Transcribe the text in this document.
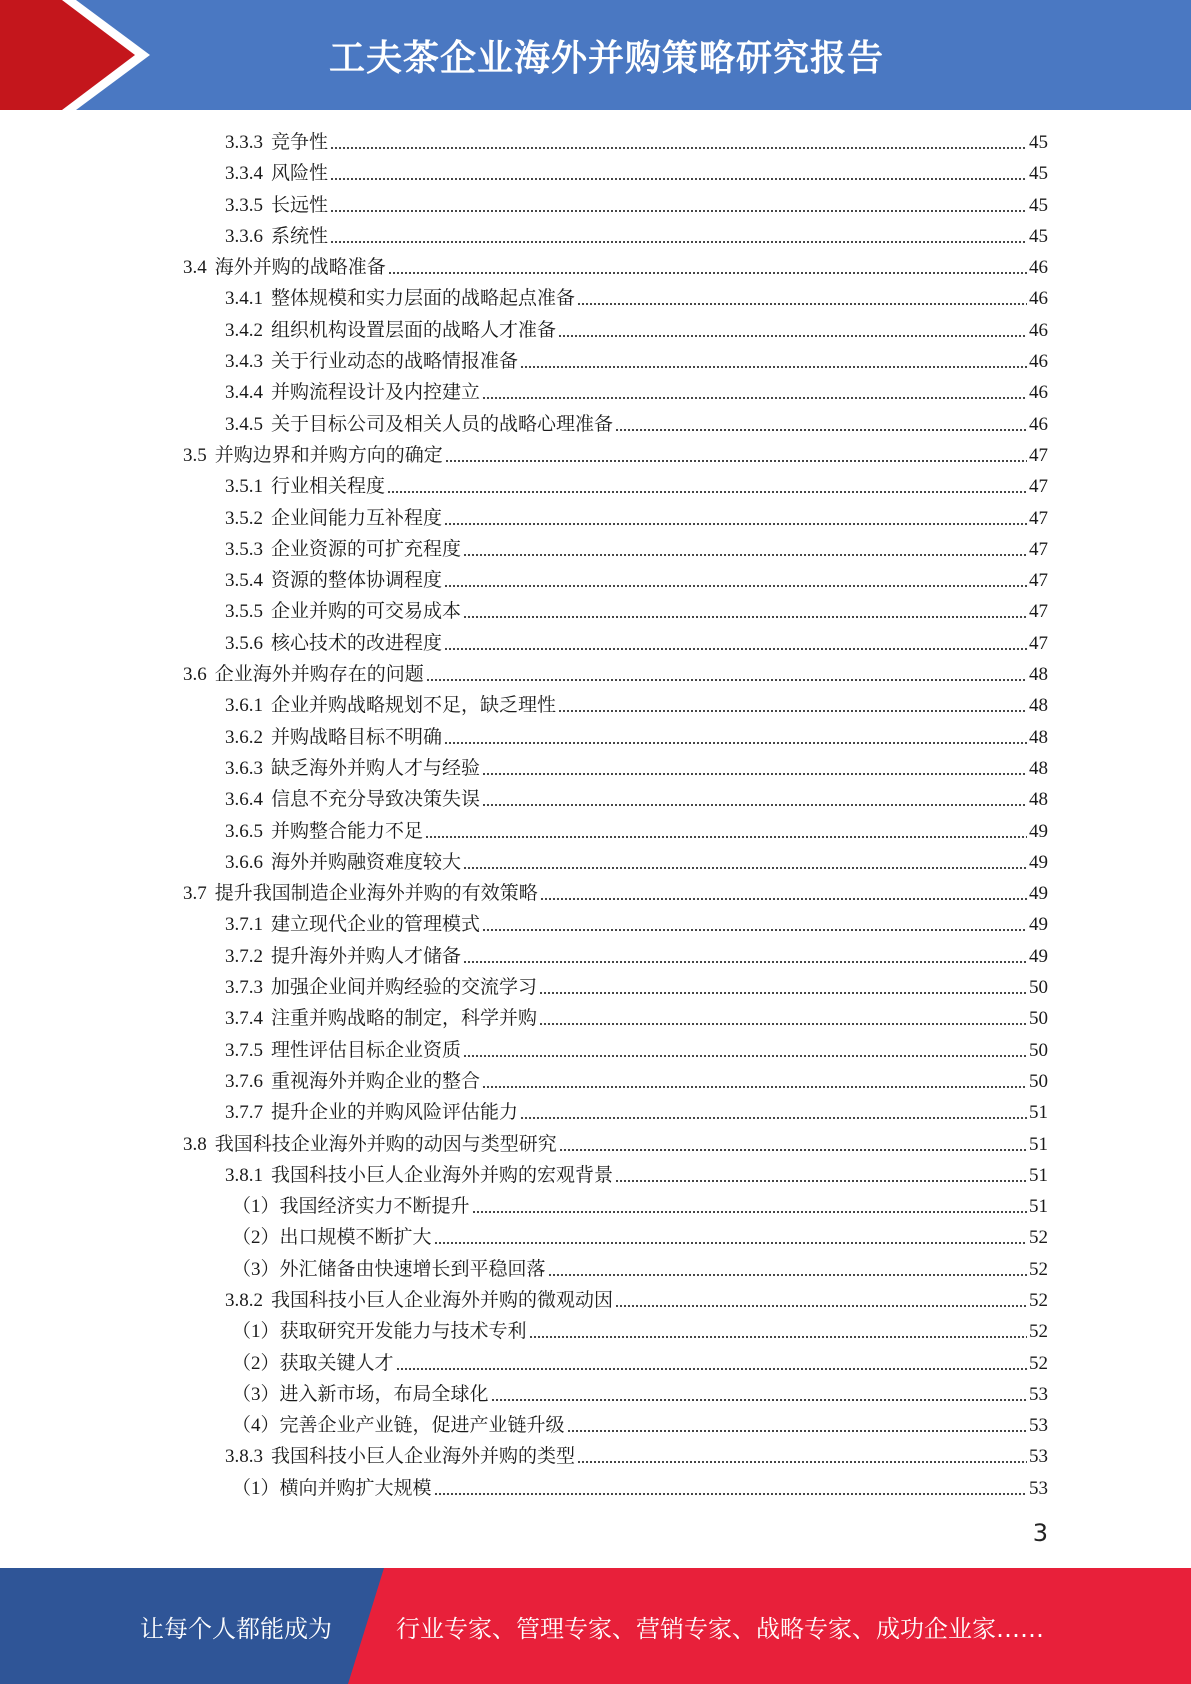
工夫茶企业海外并购策略研究报告
3.3.3 竞争性	45
3.3.4 风险性	45
3.3.5 长远性	45
3.3.6 系统性	45
3.4 海外并购的战略准备	46
3.4.1 整体规模和实力层面的战略起点准备	46
3.4.2 组织机构设置层面的战略人才准备	46
3.4.3 关于行业动态的战略情报准备	46
3.4.4 并购流程设计及内控建立	46
3.4.5 关于目标公司及相关人员的战略心理准备	46
3.5 并购边界和并购方向的确定	47
3.5.1 行业相关程度	47
3.5.2 企业间能力互补程度	47
3.5.3 企业资源的可扩充程度	47
3.5.4 资源的整体协调程度	47
3.5.5 企业并购的可交易成本	47
3.5.6 核心技术的改进程度	47
3.6 企业海外并购存在的问题	48
3.6.1 企业并购战略规划不足，缺乏理性	48
3.6.2 并购战略目标不明确	48
3.6.3 缺乏海外并购人才与经验	48
3.6.4 信息不充分导致决策失误	48
3.6.5 并购整合能力不足	49
3.6.6 海外并购融资难度较大	49
3.7 提升我国制造企业海外并购的有效策略	49
3.7.1 建立现代企业的管理模式	49
3.7.2 提升海外并购人才储备	49
3.7.3 加强企业间并购经验的交流学习	50
3.7.4 注重并购战略的制定，科学并购	50
3.7.5 理性评估目标企业资质	50
3.7.6 重视海外并购企业的整合	50
3.7.7 提升企业的并购风险评估能力	51
3.8 我国科技企业海外并购的动因与类型研究	51
3.8.1 我国科技小巨人企业海外并购的宏观背景	51
（1） 我国经济实力不断提升	51
（2） 出口规模不断扩大	52
（3） 外汇储备由快速增长到平稳回落	52
3.8.2 我国科技小巨人企业海外并购的微观动因	52
（1） 获取研究开发能力与技术专利	52
（2） 获取关键人才	52
（3） 进入新市场，布局全球化	53
（4） 完善企业产业链，促进产业链升级	53
3.8.3 我国科技小巨人企业海外并购的类型	53
（1） 横向并购扩大规模	53
3
让每个人都能成为	行业专家、管理专家、营销专家、战略专家、成功企业家……
